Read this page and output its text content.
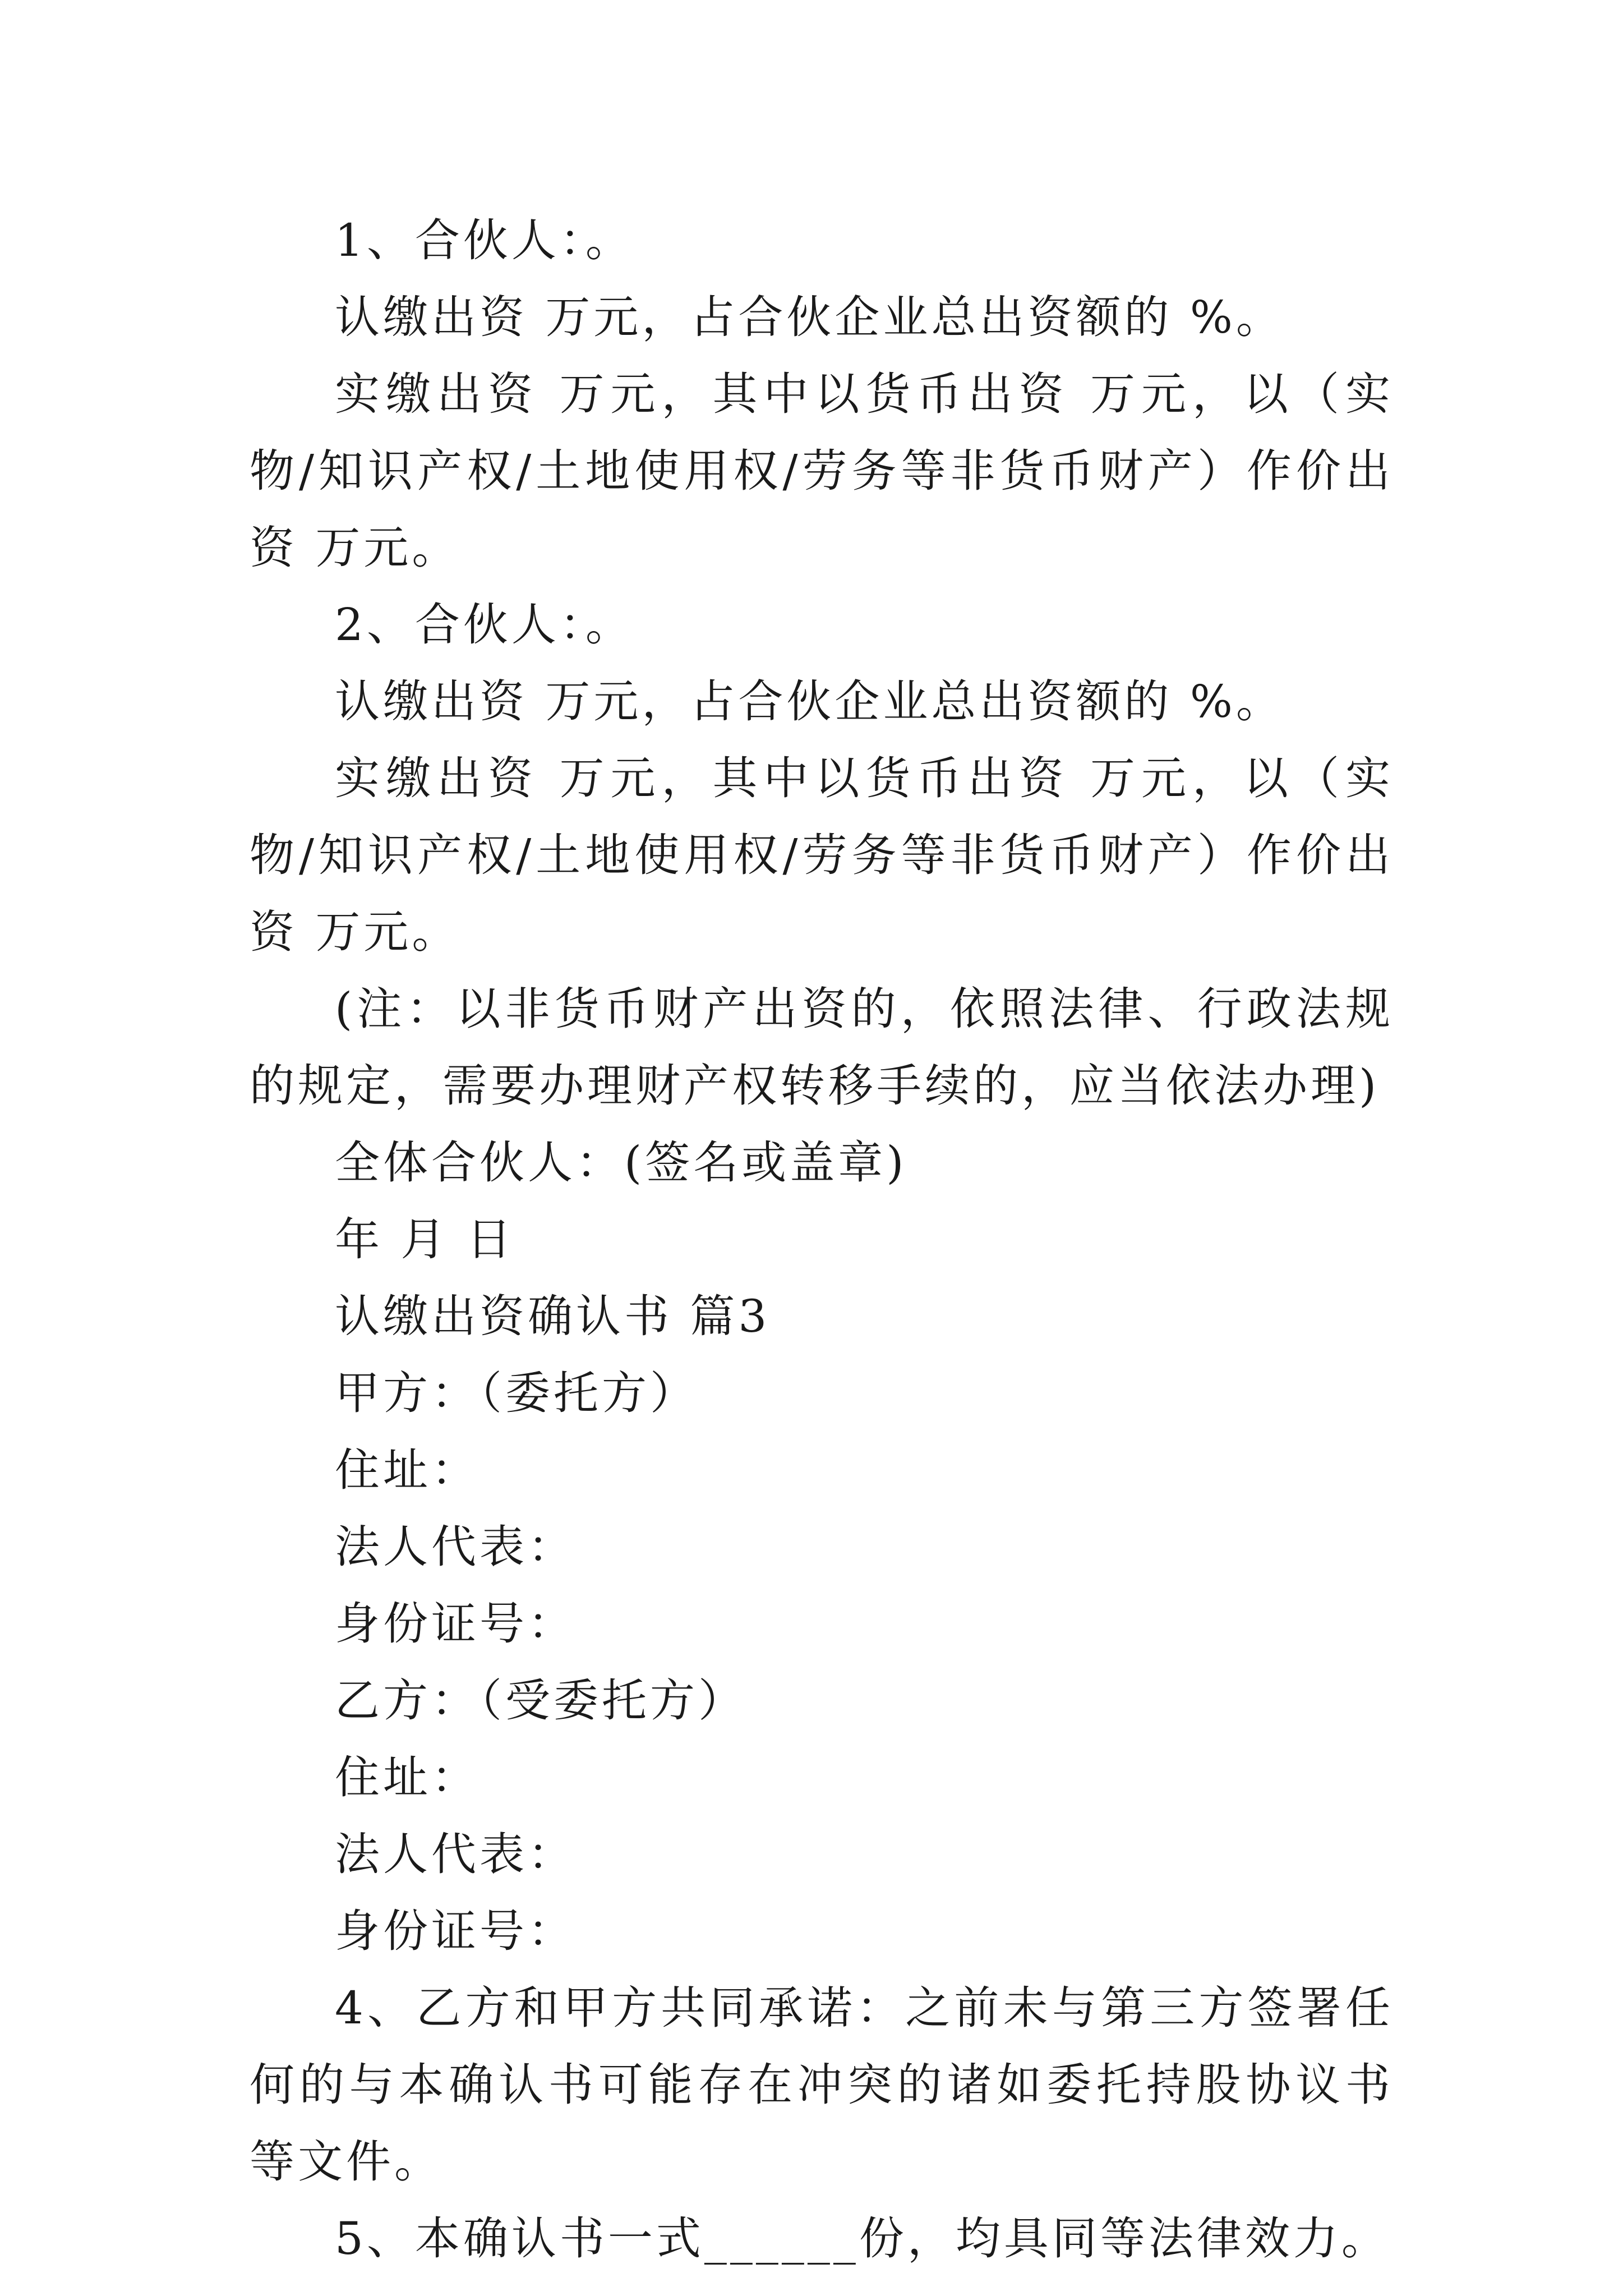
1、合伙人：。

认缴出资 万元，占合伙企业总出资额的 %。

实缴出资 万元，其中以货币出资 万元，以（实物/知识产权/土地使用权/劳务等非货币财产）作价出资 万元。

2、合伙人：。

认缴出资 万元，占合伙企业总出资额的 %。

实缴出资 万元，其中以货币出资 万元，以（实物/知识产权/土地使用权/劳务等非货币财产）作价出资 万元。

(注：以非货币财产出资的，依照法律、行政法规的规定，需要办理财产权转移手续的，应当依法办理)

全体合伙人：(签名或盖章)

年 月 日

认缴出资确认书 篇3

甲方：（委托方）

住址：

法人代表：

身份证号：

乙方：（受委托方）

住址：

法人代表：

身份证号：

4、乙方和甲方共同承诺：之前未与第三方签署任何的与本确认书可能存在冲突的诸如委托持股协议书等文件。

5、本确认书一式______份，均具同等法律效力。
